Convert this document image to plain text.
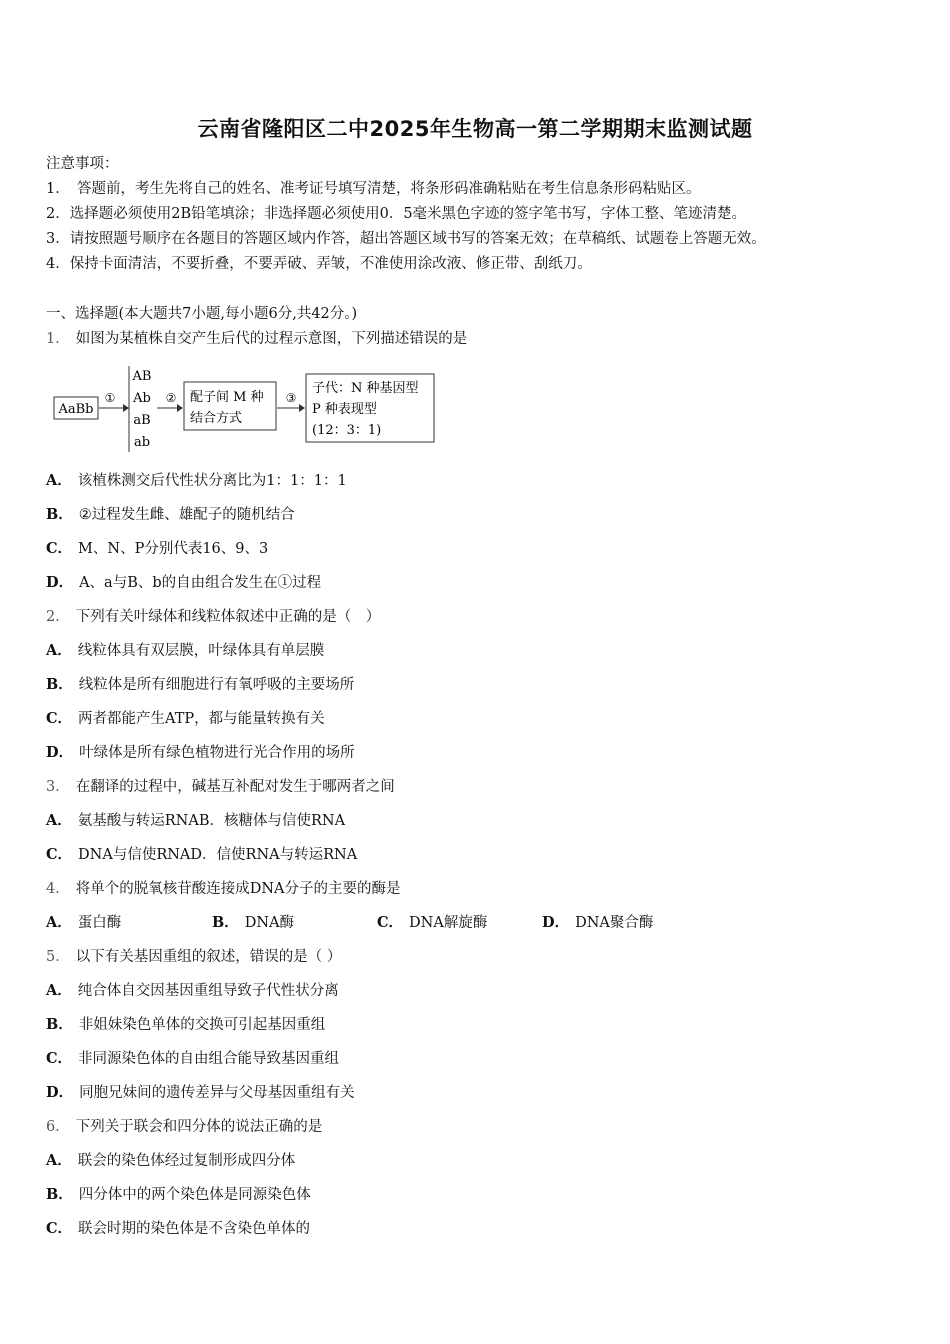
云南省隆阳区二中2025年生物高一第二学期期末监测试题
注意事项：
1．　答题前，考生先将自己的姓名、准考证号填写清楚，将条形码准确粘贴在考生信息条形码粘贴区。
2．选择题必须使用2B铅笔填涂；非选择题必须使用0．5毫米黑色字迹的签字笔书写，字体工整、笔迹清楚。
3．请按照题号顺序在各题目的答题区域内作答，超出答题区域书写的答案无效；在草稿纸、试题卷上答题无效。
4．保持卡面清洁，不要折叠，不要弄破、弄皱，不准使用涂改液、修正带、刮纸刀。
一、选择题(本大题共7小题,每小题6分,共42分。)
1． 如图为某植株自交产生后代的过程示意图，下列描述错误的是
AaBb
①
AB
Ab
aB
ab
② 配子间 M 种
结合方式
③
子代：N 种基因型
P 种表现型
(12：3：1)
A． 该植株测交后代性状分离比为1：1：1：1
B． ②过程发生雌、雄配子的随机结合
C． M、N、P分别代表16、9、3
D． A、a与B、b的自由组合发生在①过程
2． 下列有关叶绿体和线粒体叙述中正确的是（　）
A． 线粒体具有双层膜，叶绿体具有单层膜
B． 线粒体是所有细胞进行有氧呼吸的主要场所
C． 两者都能产生ATP，都与能量转换有关
D． 叶绿体是所有绿色植物进行光合作用的场所
3． 在翻译的过程中，碱基互补配对发生于哪两者之间
A． 氨基酸与转运RNAB．核糖体与信使RNA
C． DNA与信使RNAD．信使RNA与转运RNA
4． 将单个的脱氧核苷酸连接成DNA分子的主要的酶是
A． 蛋白酶	B． DNA酶	C． DNA解旋酶	D． DNA聚合酶
5． 以下有关基因重组的叙述，错误的是（ ）
A． 纯合体自交因基因重组导致子代性状分离
B． 非姐妹染色单体的交换可引起基因重组
C． 非同源染色体的自由组合能导致基因重组
D． 同胞兄妹间的遗传差异与父母基因重组有关
6． 下列关于联会和四分体的说法正确的是
A． 联会的染色体经过复制形成四分体
B． 四分体中的两个染色体是同源染色体
C． 联会时期的染色体是不含染色单体的
